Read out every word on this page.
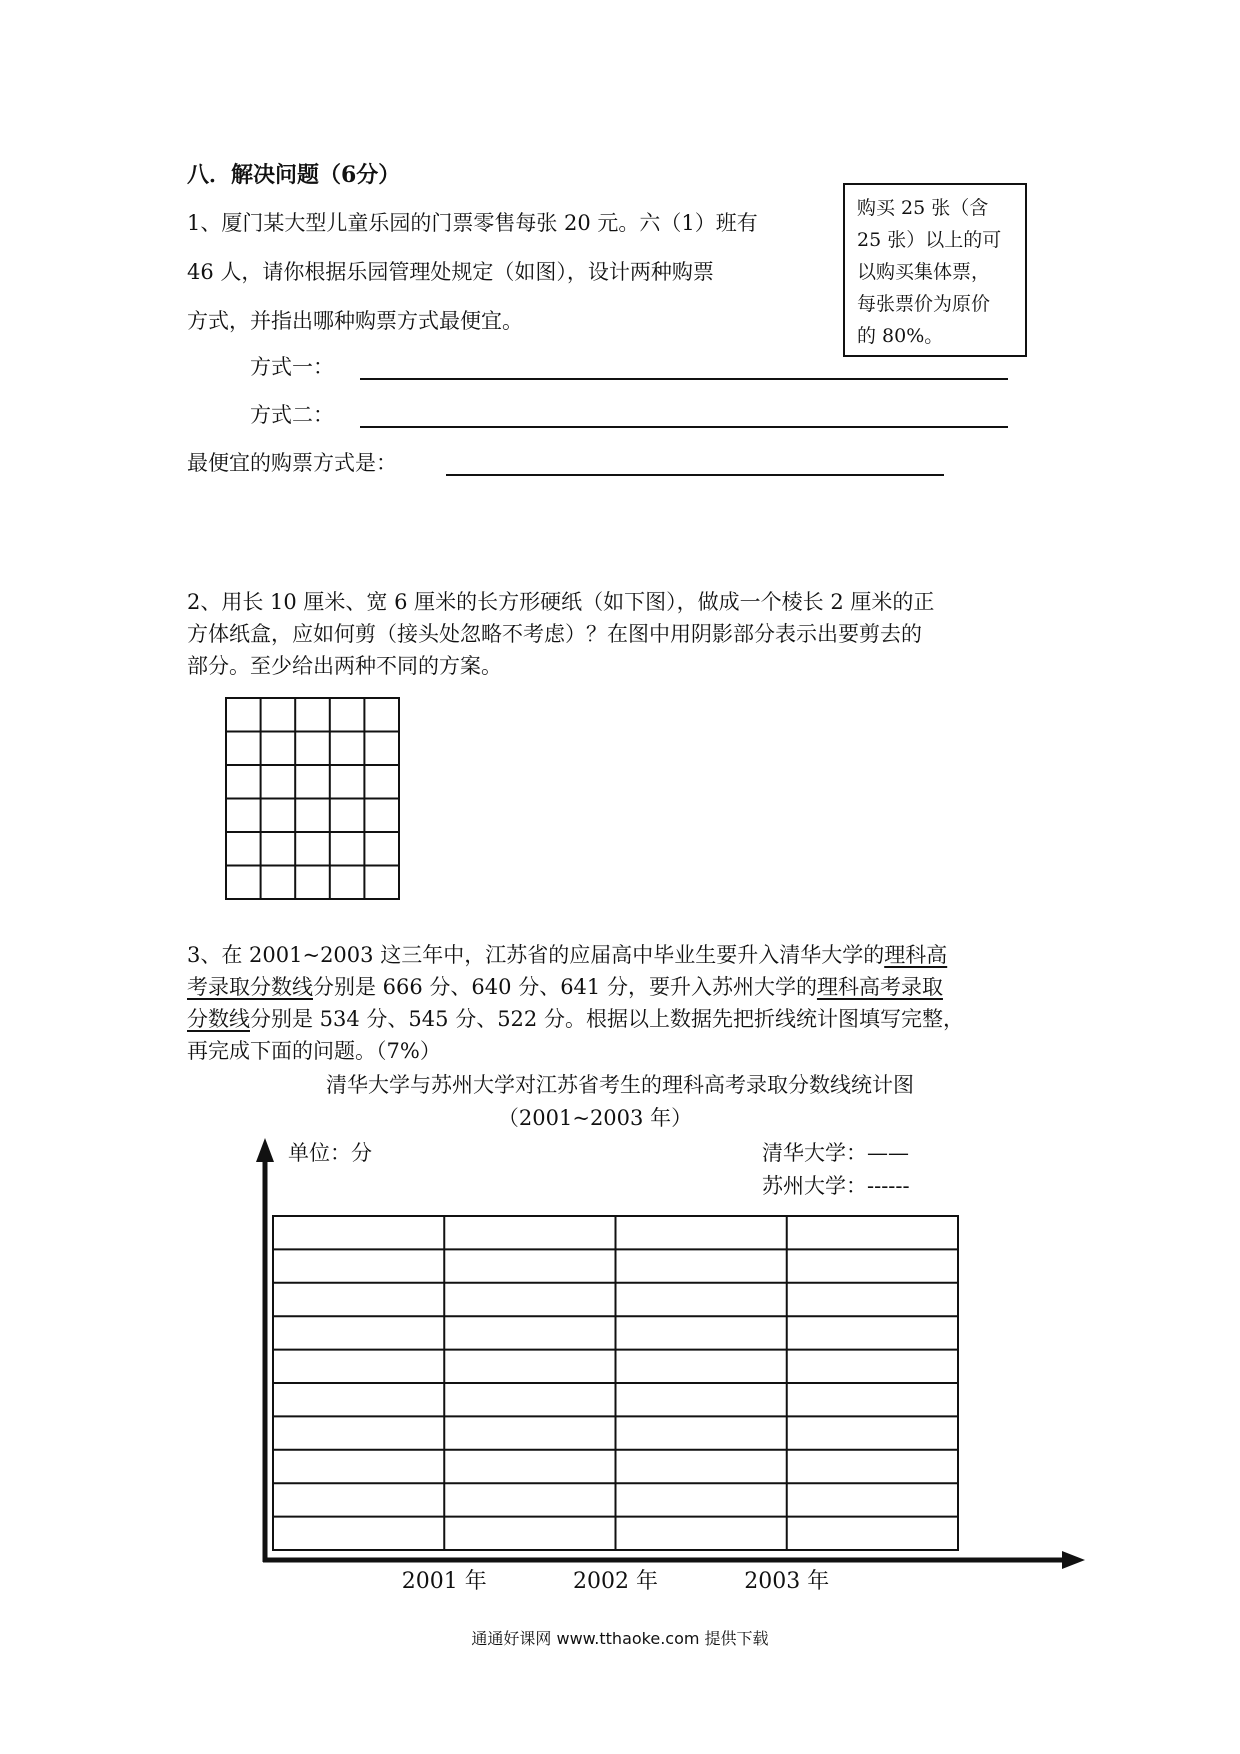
八．解决问题（6分）
1、厦门某大型儿童乐园的门票零售每张 20 元。六（1）班有
46 人，请你根据乐园管理处规定（如图），设计两种购票
方式，并指出哪种购票方式最便宜。
购买 25 张（含
25 张）以上的可
以购买集体票，
每张票价为原价
的 80%。
方式一：
方式二：
最便宜的购票方式是：
2、用长 10 厘米、宽 6 厘米的长方形硬纸（如下图），做成一个棱长 2 厘米的正
方体纸盒，应如何剪（接头处忽略不考虑）？在图中用阴影部分表示出要剪去的
部分。至少给出两种不同的方案。
3、在 2001~2003 这三年中，江苏省的应届高中毕业生要升入清华大学的理科高
考录取分数线分别是 666 分、640 分、641 分，要升入苏州大学的理科高考录取
分数线分别是 534 分、545 分、522 分。根据以上数据先把折线统计图填写完整，
再完成下面的问题。（7%）
清华大学与苏州大学对江苏省考生的理科高考录取分数线统计图
（2001~2003 年）
单位：分	清华大学：——
苏州大学：------
2001 年	2002 年	2003 年
通通好课网 www.tthaoke.com 提供下载
